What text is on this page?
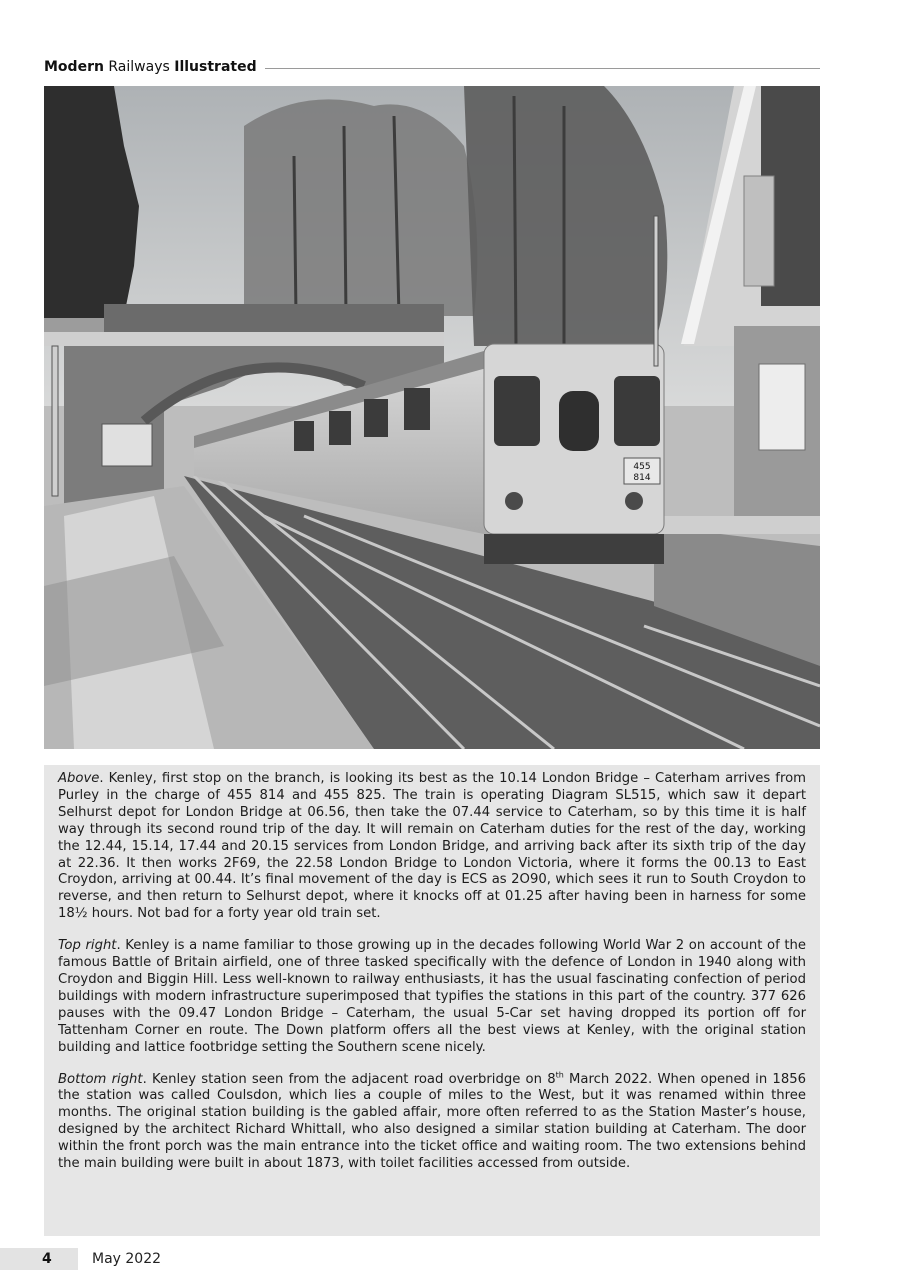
Modern Railways Illustrated
455
814

Above. Kenley, first stop on the branch, is looking its best as the 10.14 London Bridge – Caterham arrives from Purley in the charge of 455 814 and 455 825. The train is operating Diagram SL515, which saw it depart Selhurst depot for London Bridge at 06.56, then take the 07.44 service to Caterham, so by this time it is half way through its second round trip of the day. It will remain on Caterham duties for the rest of the day, working the 12.44, 15.14, 17.44 and 20.15 services from London Bridge, and arriving back after its sixth trip of the day at 22.36. It then works 2F69, the 22.58 London Bridge to London Victoria, where it forms the 00.13 to East Croydon, arriving at 00.44. It’s final movement of the day is ECS as 2O90, which sees it run to South Croydon to reverse, and then return to Selhurst depot, where it knocks off at 01.25 after having been in harness for some 18½ hours. Not bad for a forty year old train set.

Top right. Kenley is a name familiar to those growing up in the decades following World War 2 on account of the famous Battle of Britain airfield, one of three tasked specifically with the defence of London in 1940 along with Croydon and Biggin Hill. Less well-known to railway enthusiasts, it has the usual fascinating confection of period buildings with modern infrastructure superimposed that typifies the stations in this part of the country. 377 626 pauses with the 09.47 London Bridge – Caterham, the usual 5-Car set having dropped its portion off for Tattenham Corner en route. The Down platform offers all the best views at Kenley, with the original station building and lattice footbridge setting the Southern scene nicely.

Bottom right. Kenley station seen from the adjacent road overbridge on 8th March 2022. When opened in 1856 the station was called Coulsdon, which lies a couple of miles to the West, but it was renamed within three months. The original station building is the gabled affair, more often referred to as the Station Master’s house, designed by the architect Richard Whittall, who also designed a similar station building at Caterham. The door within the front porch was the main entrance into the ticket office and waiting room. The two extensions behind the main building were built in about 1873, with toilet facilities accessed from outside.

4	May 2022
